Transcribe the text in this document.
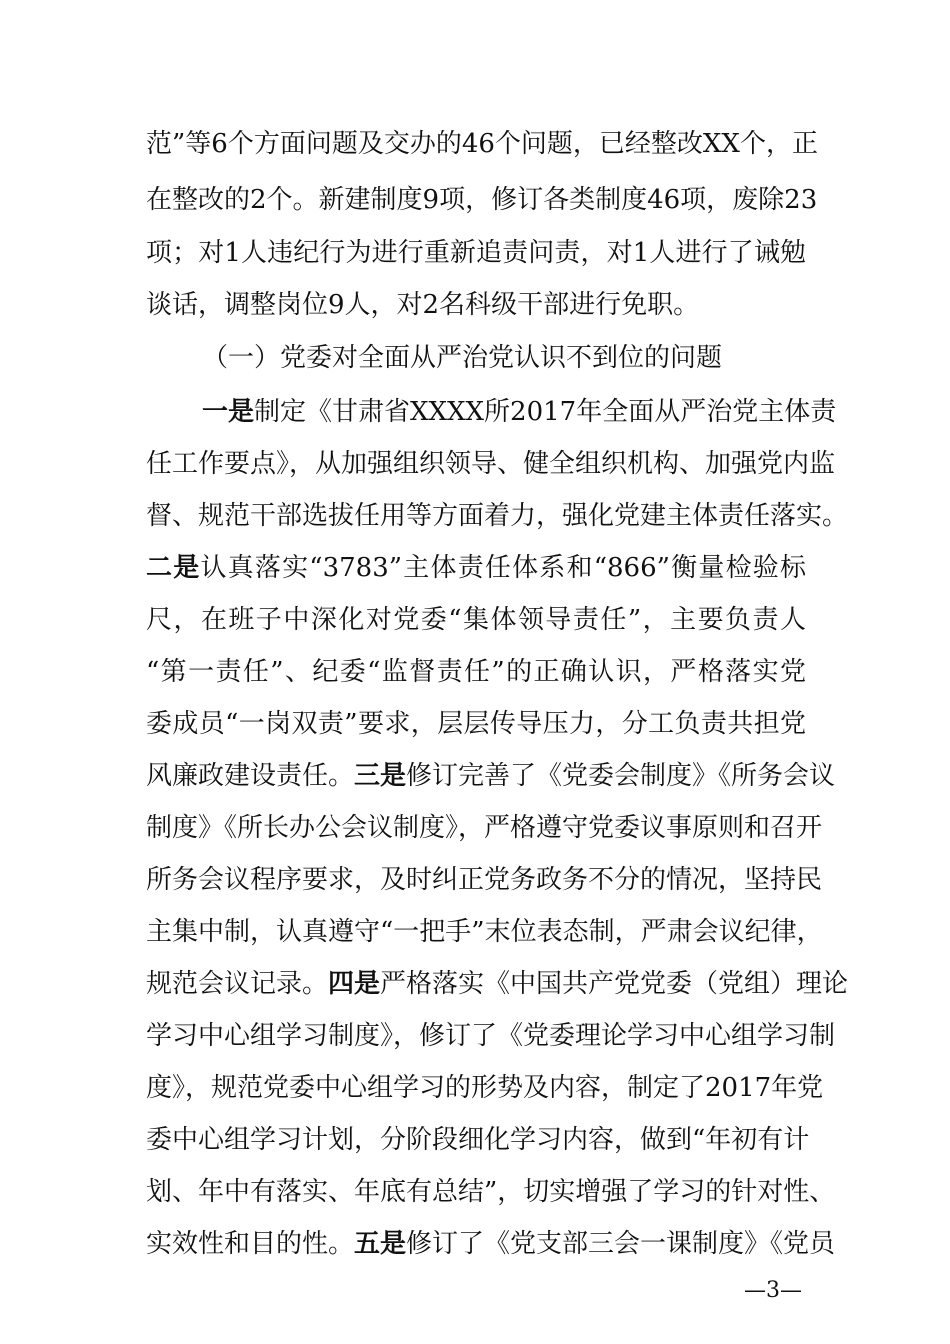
范”等6个方面问题及交办的46个问题，已经整改XX个，正
在整改的2个。新建制度9项，修订各类制度46项，废除23
项；对1人违纪行为进行重新追责问责，对1人进行了诫勉
谈话，调整岗位9人，对2名科级干部进行免职。
（一）党委对全面从严治党认识不到位的问题
一是制定《甘肃省XXXX所2017年全面从严治党主体责
任工作要点》，从加强组织领导、健全组织机构、加强党内监
督、规范干部选拔任用等方面着力，强化党建主体责任落实。
二是认真落实“3783”主体责任体系和“866”衡量检验标
尺，在班子中深化对党委“集体领导责任”，主要负责人
“第一责任”、纪委“监督责任”的正确认识，严格落实党
委成员“一岗双责”要求，层层传导压力，分工负责共担党
风廉政建设责任。三是修订完善了《党委会制度》《所务会议
制度》《所长办公会议制度》，严格遵守党委议事原则和召开
所务会议程序要求，及时纠正党务政务不分的情况，坚持民
主集中制，认真遵守“一把手”末位表态制，严肃会议纪律，
规范会议记录。四是严格落实《中国共产党党委（党组）理论
学习中心组学习制度》，修订了《党委理论学习中心组学习制
度》，规范党委中心组学习的形势及内容，制定了2017年党
委中心组学习计划，分阶段细化学习内容，做到“年初有计
划、年中有落实、年底有总结”，切实增强了学习的针对性、
实效性和目的性。五是修订了《党支部三会一课制度》《党员
—3—
